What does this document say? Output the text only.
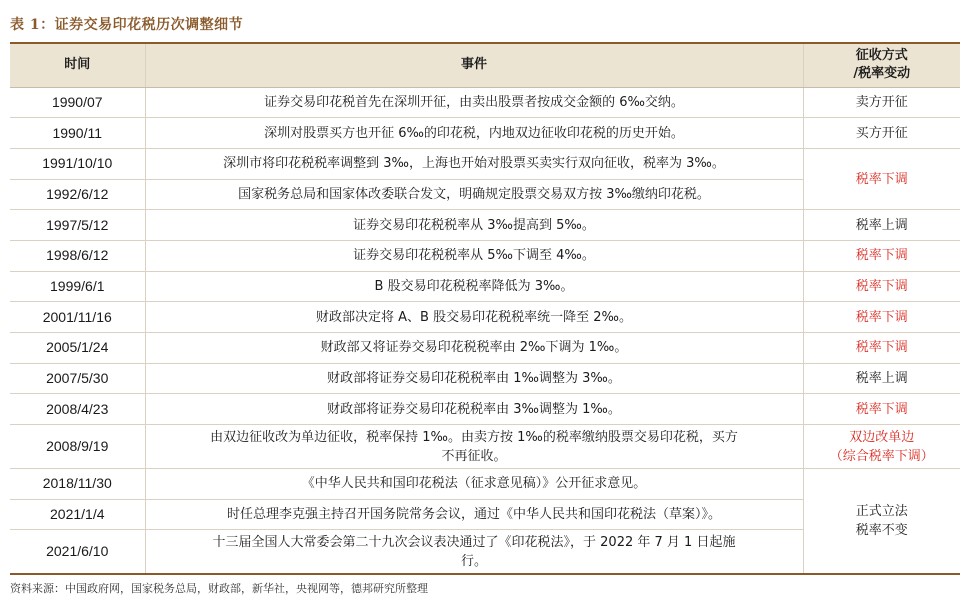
表 1：证券交易印花税历次调整细节
时间	事件	征收方式
/税率变动
1990/07	证券交易印花税首先在深圳开征，由卖出股票者按成交金额的 6‰交纳。	卖方开征
1990/11	深圳对股票买方也开征 6‰的印花税，内地双边征收印花税的历史开始。	买方开征
1991/10/10	深圳市将印花税税率调整到 3‰，上海也开始对股票买卖实行双向征收，税率为 3‰。	税率下调
1992/6/12	国家税务总局和国家体改委联合发文，明确规定股票交易双方按 3‰缴纳印花税。	
1997/5/12	证券交易印花税税率从 3‰提高到 5‰。	税率上调
1998/6/12	证券交易印花税税率从 5‰下调至 4‰。	税率下调
1999/6/1	B 股交易印花税税率降低为 3‰。	税率下调
2001/11/16	财政部决定将 A、B 股交易印花税税率统一降至 2‰。	税率下调
2005/1/24	财政部又将证券交易印花税税率由 2‰下调为 1‰。	税率下调
2007/5/30	财政部将证券交易印花税税率由 1‰调整为 3‰。	税率上调
2008/4/23	财政部将证券交易印花税税率由 3‰调整为 1‰。	税率下调
2008/9/19	由双边征收改为单边征收，税率保持 1‰。由卖方按 1‰的税率缴纳股票交易印花税，买方
不再征收。	双边改单边
（综合税率下调）
2018/11/30	《中华人民共和国印花税法（征求意见稿）》公开征求意见。	正式立法
税率不变
2021/1/4	时任总理李克强主持召开国务院常务会议，通过《中华人民共和国印花税法（草案）》。	
2021/6/10	十三届全国人大常委会第二十九次会议表决通过了《印花税法》，于 2022 年 7 月 1 日起施
行。	
资料来源：中国政府网，国家税务总局，财政部，新华社，央视网等，德邦研究所整理
